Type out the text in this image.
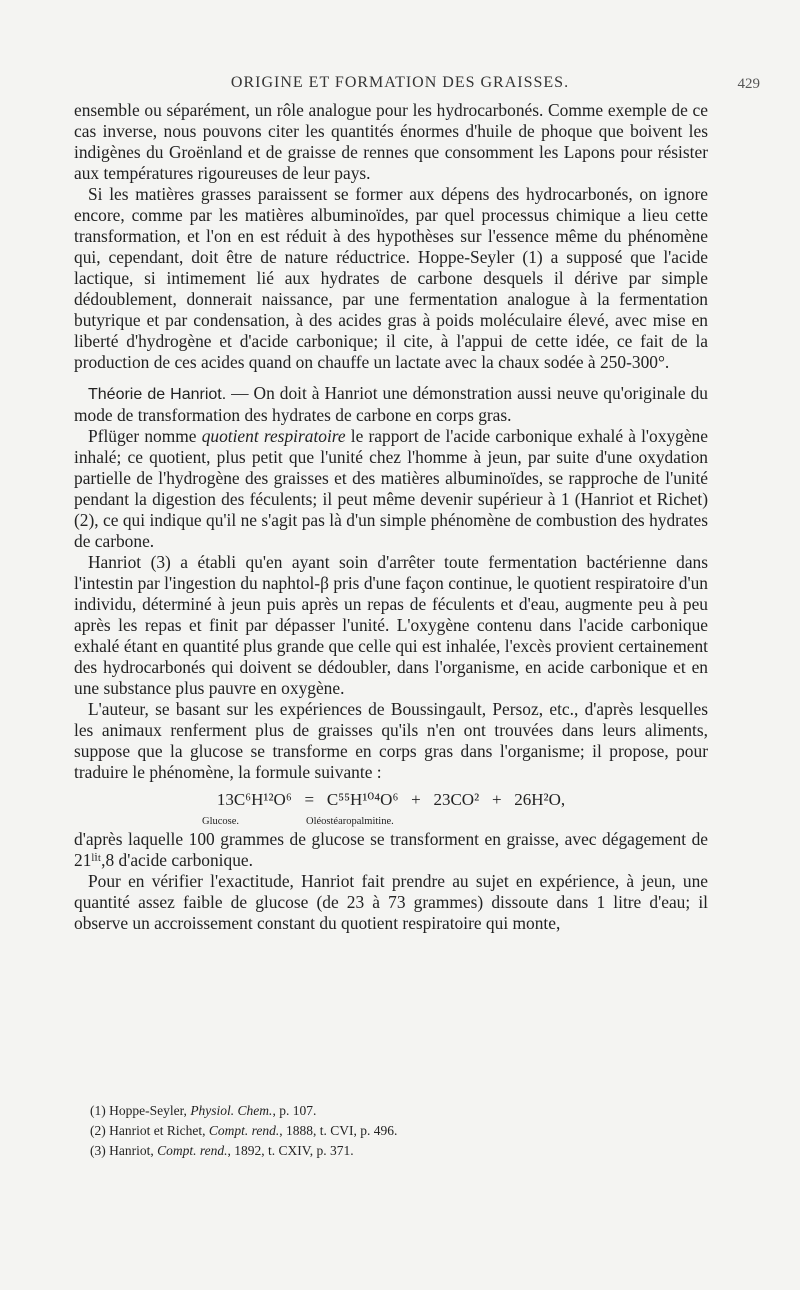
ORIGINE ET FORMATION DES GRAISSES.	429

ensemble ou séparément, un rôle analogue pour les hydrocarbonés. Comme exemple de ce cas inverse, nous pouvons citer les quantités énormes d'huile de phoque que boivent les indigènes du Groënland et de graisse de rennes que consomment les Lapons pour résister aux températures rigoureuses de leur pays.

Si les matières grasses paraissent se former aux dépens des hydrocarbonés, on ignore encore, comme par les matières albuminoïdes, par quel processus chimique a lieu cette transformation, et l'on en est réduit à des hypothèses sur l'essence même du phénomène qui, cependant, doit être de nature réductrice. Hoppe-Seyler (1) a supposé que l'acide lactique, si intimement lié aux hydrates de carbone desquels il dérive par simple dédoublement, donnerait naissance, par une fermentation analogue à la fermentation butyrique et par condensation, à des acides gras à poids moléculaire élevé, avec mise en liberté d'hydrogène et d'acide carbonique; il cite, à l'appui de cette idée, ce fait de la production de ces acides quand on chauffe un lactate avec la chaux sodée à 250-300°.

Théorie de Hanriot. — On doit à Hanriot une démonstration aussi neuve qu'originale du mode de transformation des hydrates de carbone en corps gras.

Pflüger nomme quotient respiratoire le rapport de l'acide carbonique exhalé à l'oxygène inhalé; ce quotient, plus petit que l'unité chez l'homme à jeun, par suite d'une oxydation partielle de l'hydrogène des graisses et des matières albuminoïdes, se rapproche de l'unité pendant la digestion des féculents; il peut même devenir supérieur à 1 (Hanriot et Richet) (2), ce qui indique qu'il ne s'agit pas là d'un simple phénomène de combustion des hydrates de carbone.

Hanriot (3) a établi qu'en ayant soin d'arrêter toute fermentation bactérienne dans l'intestin par l'ingestion du naphtol-β pris d'une façon continue, le quotient respiratoire d'un individu, déterminé à jeun puis après un repas de féculents et d'eau, augmente peu à peu après les repas et finit par dépasser l'unité. L'oxygène contenu dans l'acide carbonique exhalé étant en quantité plus grande que celle qui est inhalée, l'excès provient certainement des hydrocarbonés qui doivent se dédoubler, dans l'organisme, en acide carbonique et en une substance plus pauvre en oxygène.

L'auteur, se basant sur les expériences de Boussingault, Persoz, etc., d'après lesquelles les animaux renferment plus de graisses qu'ils n'en ont trouvées dans leurs aliments, suppose que la glucose se transforme en corps gras dans l'organisme; il propose, pour traduire le phénomène, la formule suivante :

13C⁶H¹²O⁶ = C⁵⁵H¹⁰⁴O⁶ + 23CO² + 26H²O,
Glucose.	Oléostéaropalmitine.

d'après laquelle 100 grammes de glucose se transforment en graisse, avec dégagement de 21ˡⁱᵗ,8 d'acide carbonique.

Pour en vérifier l'exactitude, Hanriot fait prendre au sujet en expérience, à jeun, une quantité assez faible de glucose (de 23 à 73 grammes) dissoute dans 1 litre d'eau; il observe un accroissement constant du quotient respiratoire qui monte,

(1) Hoppe-Seyler, Physiol. Chem., p. 107.
(2) Hanriot et Richet, Compt. rend., 1888, t. CVI, p. 496.
(3) Hanriot, Compt. rend., 1892, t. CXIV, p. 371.
